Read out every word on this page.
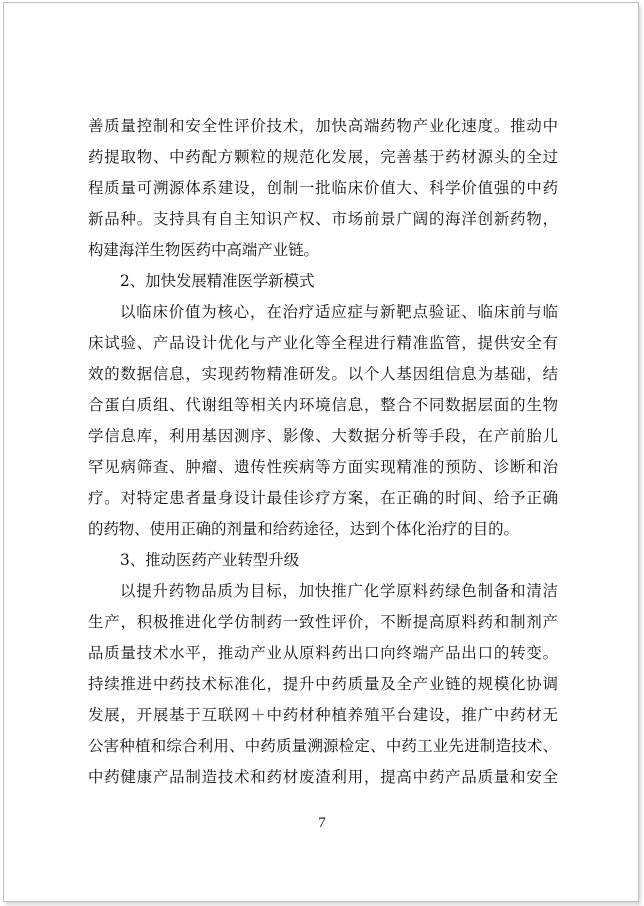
善质量控制和安全性评价技术，加快高端药物产业化速度。推动中
药提取物、中药配方颗粒的规范化发展，完善基于药材源头的全过
程质量可溯源体系建设，创制一批临床价值大、科学价值强的中药
新品种。支持具有自主知识产权、市场前景广阔的海洋创新药物，
构建海洋生物医药中高端产业链。
2、加快发展精准医学新模式
以临床价值为核心，在治疗适应症与新靶点验证、临床前与临
床试验、产品设计优化与产业化等全程进行精准监管，提供安全有
效的数据信息，实现药物精准研发。以个人基因组信息为基础，结
合蛋白质组、代谢组等相关内环境信息，整合不同数据层面的生物
学信息库，利用基因测序、影像、大数据分析等手段，在产前胎儿
罕见病筛查、肿瘤、遗传性疾病等方面实现精准的预防、诊断和治
疗。对特定患者量身设计最佳诊疗方案，在正确的时间、给予正确
的药物、使用正确的剂量和给药途径，达到个体化治疗的目的。
3、推动医药产业转型升级
以提升药物品质为目标，加快推广化学原料药绿色制备和清洁
生产，积极推进化学仿制药一致性评价，不断提高原料药和制剂产
品质量技术水平，推动产业从原料药出口向终端产品出口的转变。
持续推进中药技术标准化，提升中药质量及全产业链的规模化协调
发展，开展基于互联网＋中药材种植养殖平台建设，推广中药材无
公害种植和综合利用、中药质量溯源检定、中药工业先进制造技术、
中药健康产品制造技术和药材废渣利用，提高中药产品质量和安全
7
